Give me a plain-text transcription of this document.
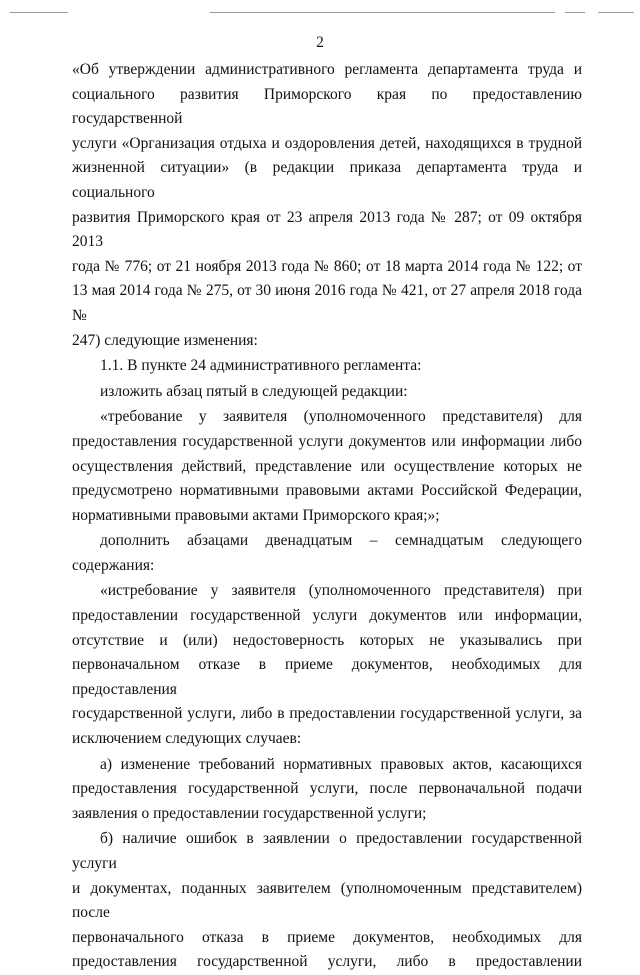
2
«Об утверждении административного регламента департамента труда и
социального развития Приморского края по предоставлению государственной
услуги «Организация отдыха и оздоровления детей, находящихся в трудной
жизненной ситуации» (в редакции приказа департамента труда и социального
развития Приморского края от 23 апреля 2013 года № 287; от 09 октября 2013
года № 776; от 21 ноября 2013 года № 860; от 18 марта 2014 года № 122; от
13 мая 2014 года № 275, от 30 июня 2016 года № 421, от 27 апреля 2018 года №
247) следующие изменения:
1.1. В пункте 24 административного регламента:
изложить абзац пятый в следующей редакции:
«требование у заявителя (уполномоченного представителя) для
предоставления государственной услуги документов или информации либо
осуществления действий, представление или осуществление которых не
предусмотрено нормативными правовыми актами Российской Федерации,
нормативными правовыми актами Приморского края;»;
дополнить абзацами двенадцатым – семнадцатым следующего
содержания:
«истребование у заявителя (уполномоченного представителя) при
предоставлении государственной услуги документов или информации,
отсутствие и (или) недостоверность которых не указывались при
первоначальном отказе в приеме документов, необходимых для предоставления
государственной услуги, либо в предоставлении государственной услуги, за
исключением следующих случаев:
а) изменение требований нормативных правовых актов, касающихся
предоставления государственной услуги, после первоначальной подачи
заявления о предоставлении государственной услуги;
б) наличие ошибок в заявлении о предоставлении государственной услуги
и документах, поданных заявителем (уполномоченным представителем) после
первоначального отказа в приеме документов, необходимых для
предоставления государственной услуги, либо в предоставлении
